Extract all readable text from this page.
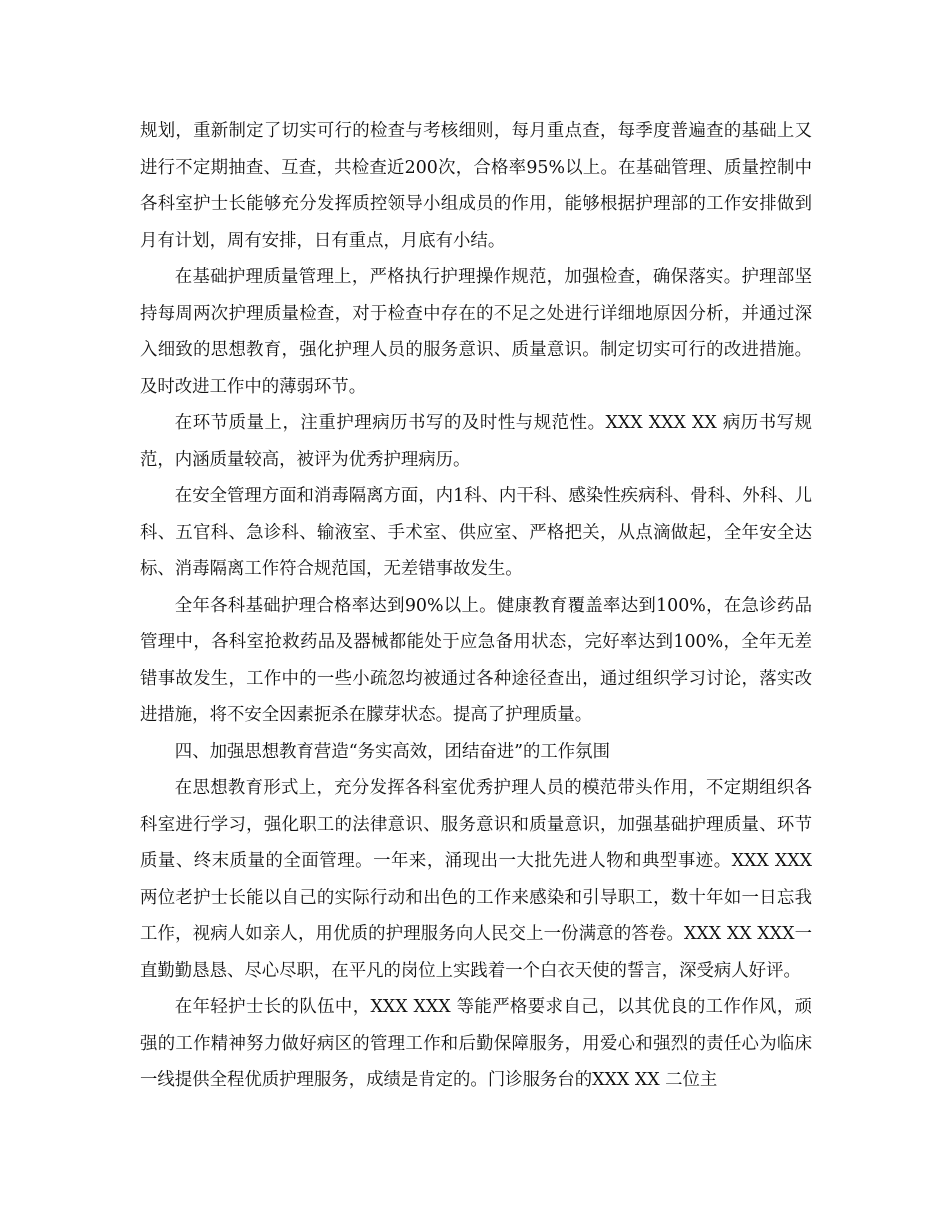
规划，重新制定了切实可行的检查与考核细则，每月重点查，每季度普遍查的基础上又进行不定期抽查、互查，共检查近200次，合格率95%以上。在基础管理、质量控制中各科室护士长能够充分发挥质控领导小组成员的作用，能够根据护理部的工作安排做到月有计划，周有安排，日有重点，月底有小结。

在基础护理质量管理上，严格执行护理操作规范，加强检查，确保落实。护理部坚持每周两次护理质量检查，对于检查中存在的不足之处进行详细地原因分析，并通过深入细致的思想教育，强化护理人员的服务意识、质量意识。制定切实可行的改进措施。及时改进工作中的薄弱环节。

在环节质量上，注重护理病历书写的及时性与规范性。XXX XXX XX 病历书写规范，内涵质量较高，被评为优秀护理病历。

在安全管理方面和消毒隔离方面，内1科、内干科、感染性疾病科、骨科、外科、儿科、五官科、急诊科、输液室、手术室、供应室、严格把关，从点滴做起，全年安全达标、消毒隔离工作符合规范国，无差错事故发生。

全年各科基础护理合格率达到90%以上。健康教育覆盖率达到100%，在急诊药品管理中，各科室抢救药品及器械都能处于应急备用状态，完好率达到100%，全年无差错事故发生，工作中的一些小疏忽均被通过各种途径查出，通过组织学习讨论，落实改进措施，将不安全因素扼杀在朦芽状态。提高了护理质量。

四、加强思想教育营造“务实高效，团结奋进”的工作氛围

在思想教育形式上，充分发挥各科室优秀护理人员的模范带头作用，不定期组织各科室进行学习，强化职工的法律意识、服务意识和质量意识，加强基础护理质量、环节质量、终末质量的全面管理。一年来，涌现出一大批先进人物和典型事迹。XXX XXX 两位老护士长能以自己的实际行动和出色的工作来感染和引导职工，数十年如一日忘我工作，视病人如亲人，用优质的护理服务向人民交上一份满意的答卷。XXX XX XXX一直勤勤恳恳、尽心尽职，在平凡的岗位上实践着一个白衣天使的誓言，深受病人好评。

在年轻护士长的队伍中，XXX XXX 等能严格要求自己，以其优良的工作作风，顽强的工作精神努力做好病区的管理工作和后勤保障服务，用爱心和强烈的责任心为临床一线提供全程优质护理服务，成绩是肯定的。门诊服务台的XXX XX 二位主
